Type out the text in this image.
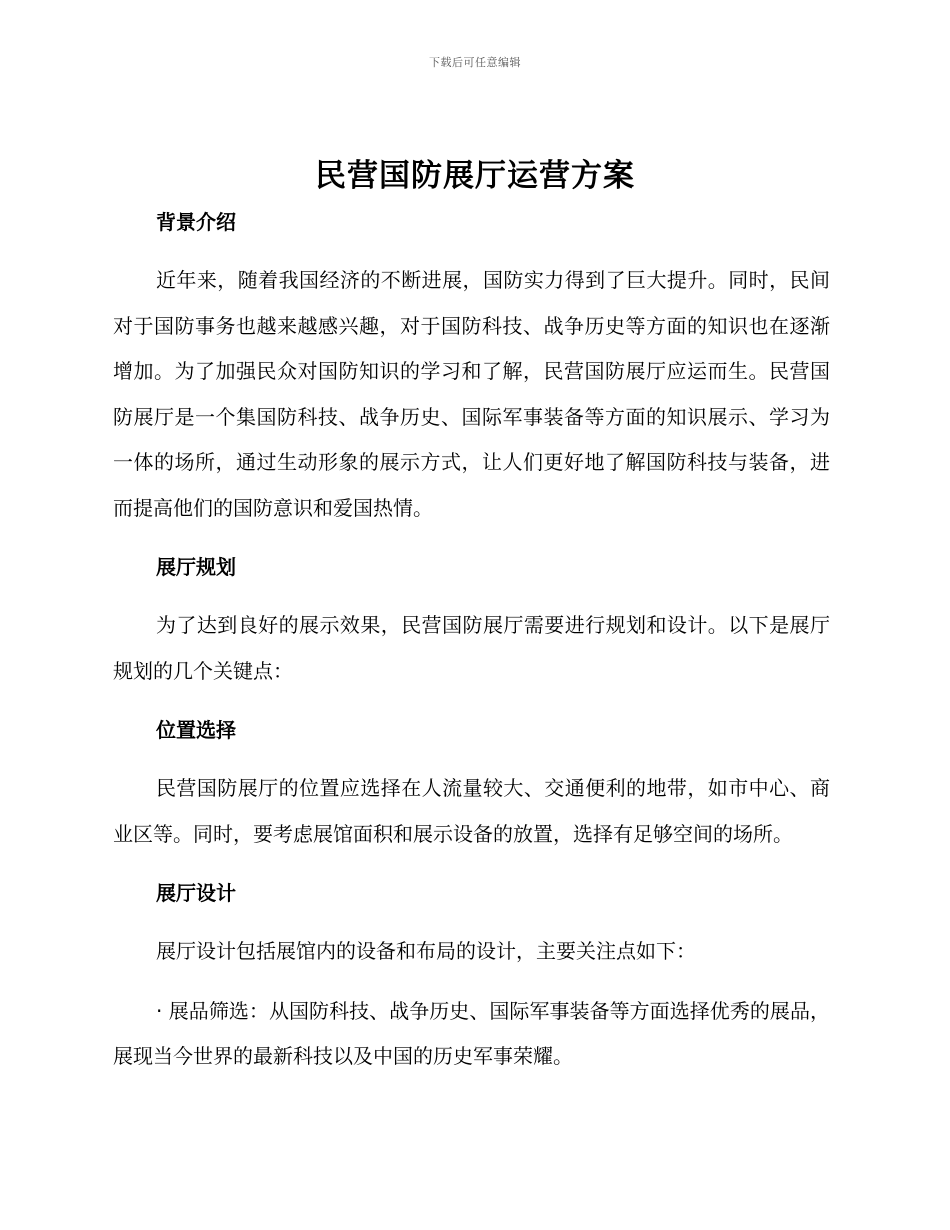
下载后可任意编辑
民营国防展厅运营方案
背景介绍

近年来，随着我国经济的不断进展，国防实力得到了巨大提升。同时，民间对于国防事务也越来越感兴趣，对于国防科技、战争历史等方面的知识也在逐渐增加。为了加强民众对国防知识的学习和了解，民营国防展厅应运而生。民营国防展厅是一个集国防科技、战争历史、国际军事装备等方面的知识展示、学习为一体的场所，通过生动形象的展示方式，让人们更好地了解国防科技与装备，进而提高他们的国防意识和爱国热情。

展厅规划

为了达到良好的展示效果，民营国防展厅需要进行规划和设计。以下是展厅规划的几个关键点：

位置选择

民营国防展厅的位置应选择在人流量较大、交通便利的地带，如市中心、商业区等。同时，要考虑展馆面积和展示设备的放置，选择有足够空间的场所。

展厅设计

展厅设计包括展馆内的设备和布局的设计，主要关注点如下：

· 展品筛选：从国防科技、战争历史、国际军事装备等方面选择优秀的展品，展现当今世界的最新科技以及中国的历史军事荣耀。
